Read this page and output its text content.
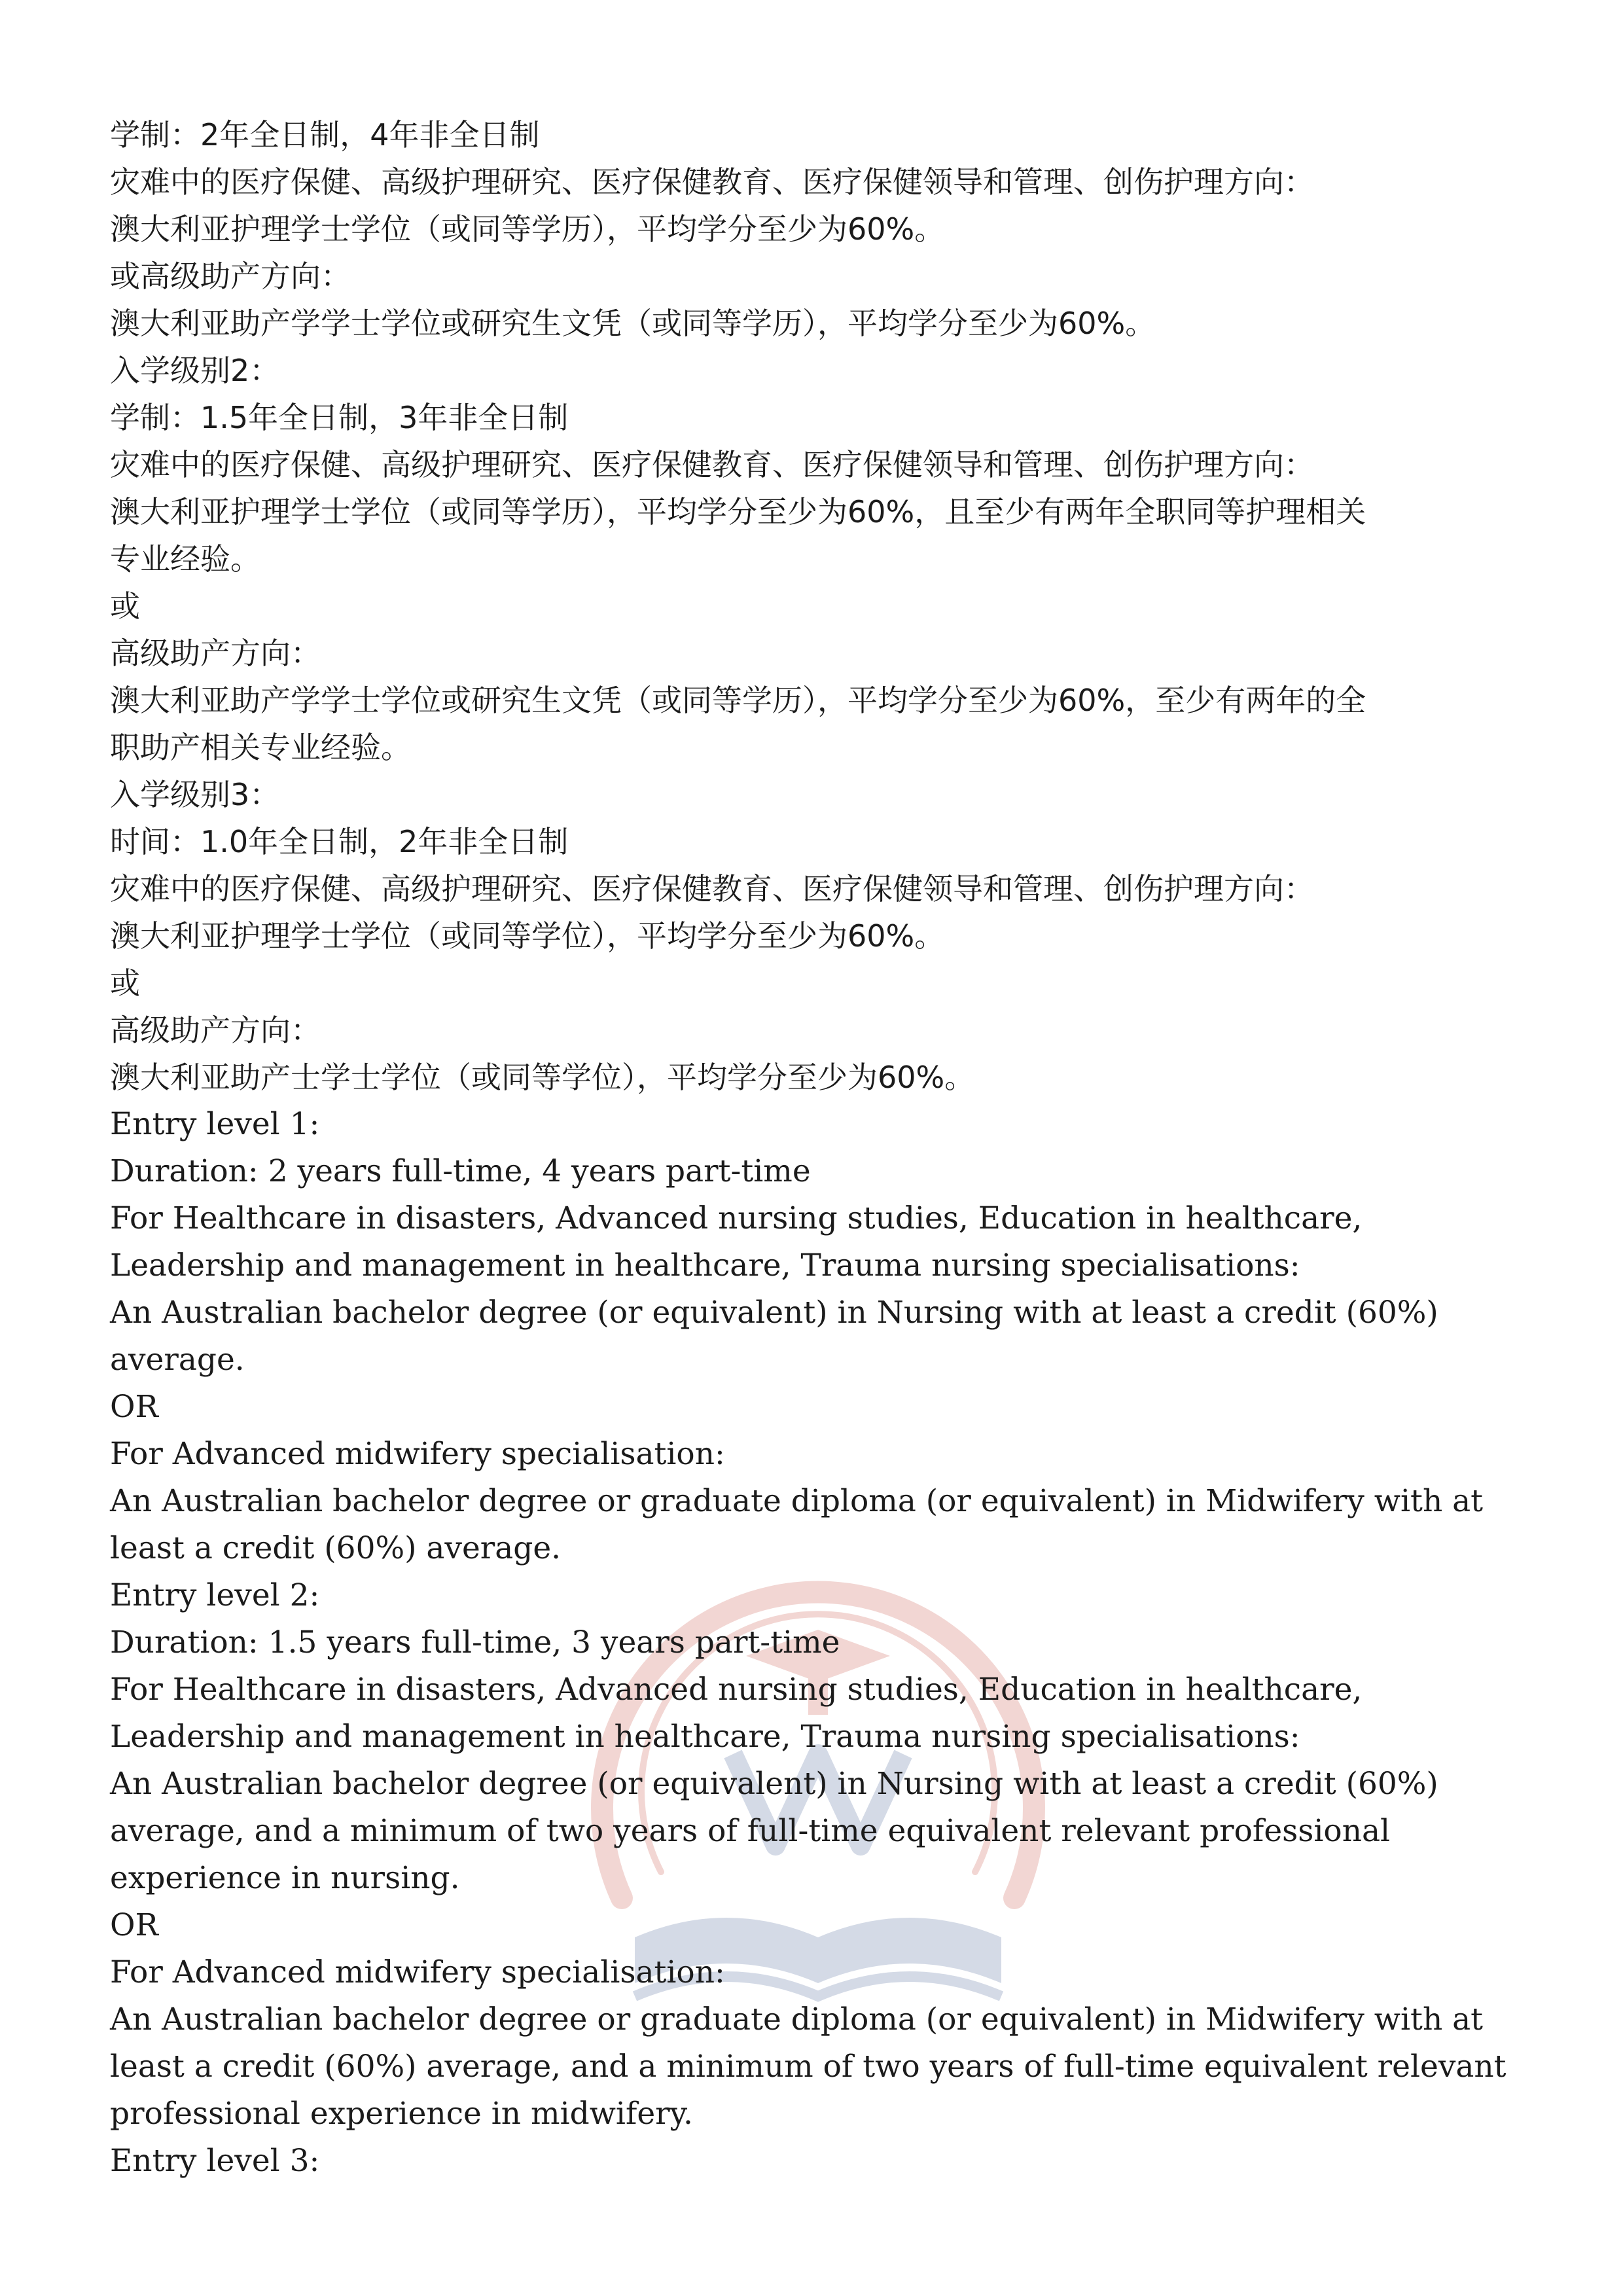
学制：2年全日制，4年非全日制
灾难中的医疗保健、高级护理研究、医疗保健教育、医疗保健领导和管理、创伤护理方向：
澳大利亚护理学士学位（或同等学历），平均学分至少为60%。
或高级助产方向：
澳大利亚助产学学士学位或研究生文凭（或同等学历），平均学分至少为60%。
入学级别2：
学制：1.5年全日制，3年非全日制
灾难中的医疗保健、高级护理研究、医疗保健教育、医疗保健领导和管理、创伤护理方向：
澳大利亚护理学士学位（或同等学历），平均学分至少为60%，且至少有两年全职同等护理相关
专业经验。
或
高级助产方向：
澳大利亚助产学学士学位或研究生文凭（或同等学历），平均学分至少为60%，至少有两年的全
职助产相关专业经验。
入学级别3：
时间：1.0年全日制，2年非全日制
灾难中的医疗保健、高级护理研究、医疗保健教育、医疗保健领导和管理、创伤护理方向：
澳大利亚护理学士学位（或同等学位），平均学分至少为60%。
或
高级助产方向：
澳大利亚助产士学士学位（或同等学位），平均学分至少为60%。
Entry level 1:
Duration: 2 years full-time, 4 years part-time
For Healthcare in disasters, Advanced nursing studies, Education in healthcare,
Leadership and management in healthcare, Trauma nursing specialisations:
An Australian bachelor degree (or equivalent) in Nursing with at least a credit (60%)
average.
OR
For Advanced midwifery specialisation:
An Australian bachelor degree or graduate diploma (or equivalent) in Midwifery with at
least a credit (60%) average.
Entry level 2:
Duration: 1.5 years full-time, 3 years part-time
For Healthcare in disasters, Advanced nursing studies, Education in healthcare,
Leadership and management in healthcare, Trauma nursing specialisations:
An Australian bachelor degree (or equivalent) in Nursing with at least a credit (60%)
average, and a minimum of two years of full-time equivalent relevant professional
experience in nursing.
OR
For Advanced midwifery specialisation:
An Australian bachelor degree or graduate diploma (or equivalent) in Midwifery with at
least a credit (60%) average, and a minimum of two years of full-time equivalent relevant
professional experience in midwifery.
Entry level 3:
